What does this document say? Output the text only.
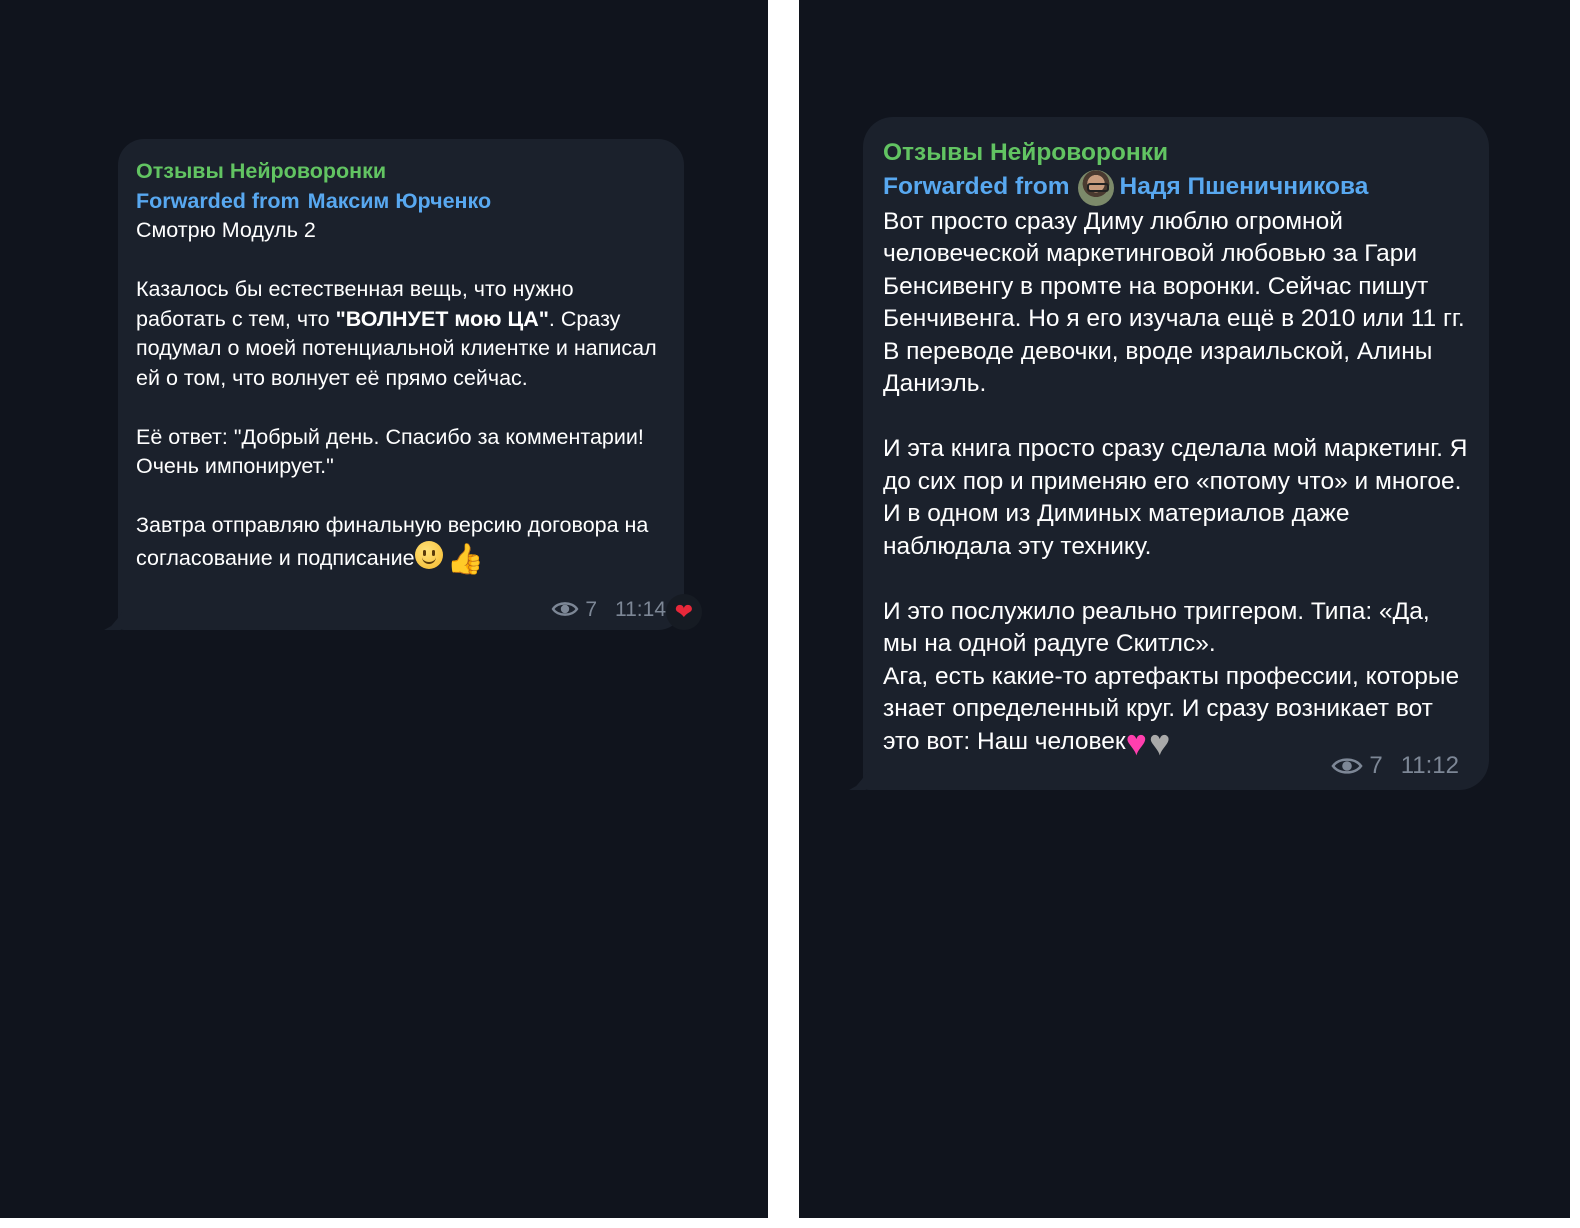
Отзывы Нейроворонки
Forwarded from Максим Юрченко

Смотрю Модуль 2

Казалось бы естественная вещь, что нужно работать с тем, что "ВОЛНУЕТ мою ЦА". Сразу подумал о моей потенциальной клиентке и написал ей о том, что волнует её прямо сейчас.

Её ответ: "Добрый день. Спасибо за комментарии! Очень импонирует."

Завтра отправляю финальную версию договора на согласование и подписание 👍

7 11:14 ❤
Отзывы Нейроворонки
Forwarded from Надя Пшеничникова

Вот просто сразу Диму люблю огромной человеческой маркетинговой любовью за Гари Бенсивенгу в промте на воронки. Сейчас пишут Бенчивенга. Но я его изучала ещё в 2010 или 11 гг. В переводе девочки, вроде израильской, Алины Даниэль.

И эта книга просто сразу сделала мой маркетинг. Я до сих пор и применяю его «потому что» и многое. И в одном из Диминых материалов даже наблюдала эту технику.

И это послужило реально триггером. Типа: «Да, мы на одной радуге Скитлс».
Ага, есть какие-то артефакты профессии, которые знает определенный круг. И сразу возникает вот это вот: Наш человек♥♥

7 11:12
